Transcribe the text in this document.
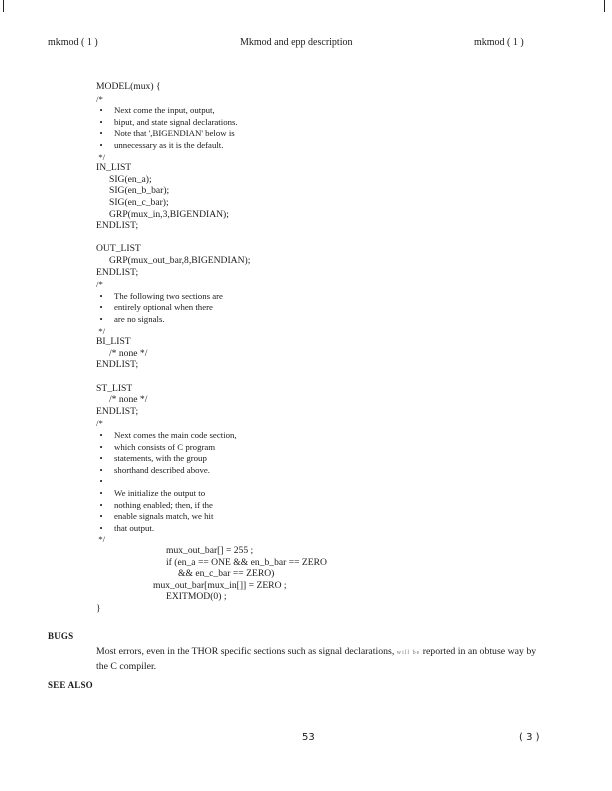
mkmod ( 1 )	Mkmod and epp description	mkmod ( 1 )
MODEL(mux) {
/*
•	Next come the input, output,
•	biput, and state signal declarations.
•	Note that ',BIGENDIAN' below is
•	unnecessary as it is the default.
*/
IN_LIST
SIG(en_a);
SIG(en_b_bar);
SIG(en_c_bar);
GRP(mux_in,3,BIGENDIAN);
ENDLIST;
OUT_LIST
GRP(mux_out_bar,8,BIGENDIAN);
ENDLIST;
/*
•	The following two sections are
•	entirely optional when there
•	are no signals.
*/
BI_LIST
/* none */
ENDLIST;
ST_LIST
/* none */
ENDLIST;
/*
•	Next comes the main code section,
•	which consists of C program
•	statements, with the group
•	shorthand described above.
•
•	We initialize the output to
•	nothing enabled; then, if the
•	enable signals match, we hit
•	that output.
*/
mux_out_bar[] = 255 ;
if (en_a == ONE && en_b_bar == ZERO
&& en_c_bar == ZERO)
mux_out_bar[mux_in[]] = ZERO ;
EXITMOD(0) ;
}
BUGS
Most errors, even in the THOR specific sections such as signal declarations, will be reported in an obtuse way by the C compiler.
SEE ALSO
53	( 3 )
